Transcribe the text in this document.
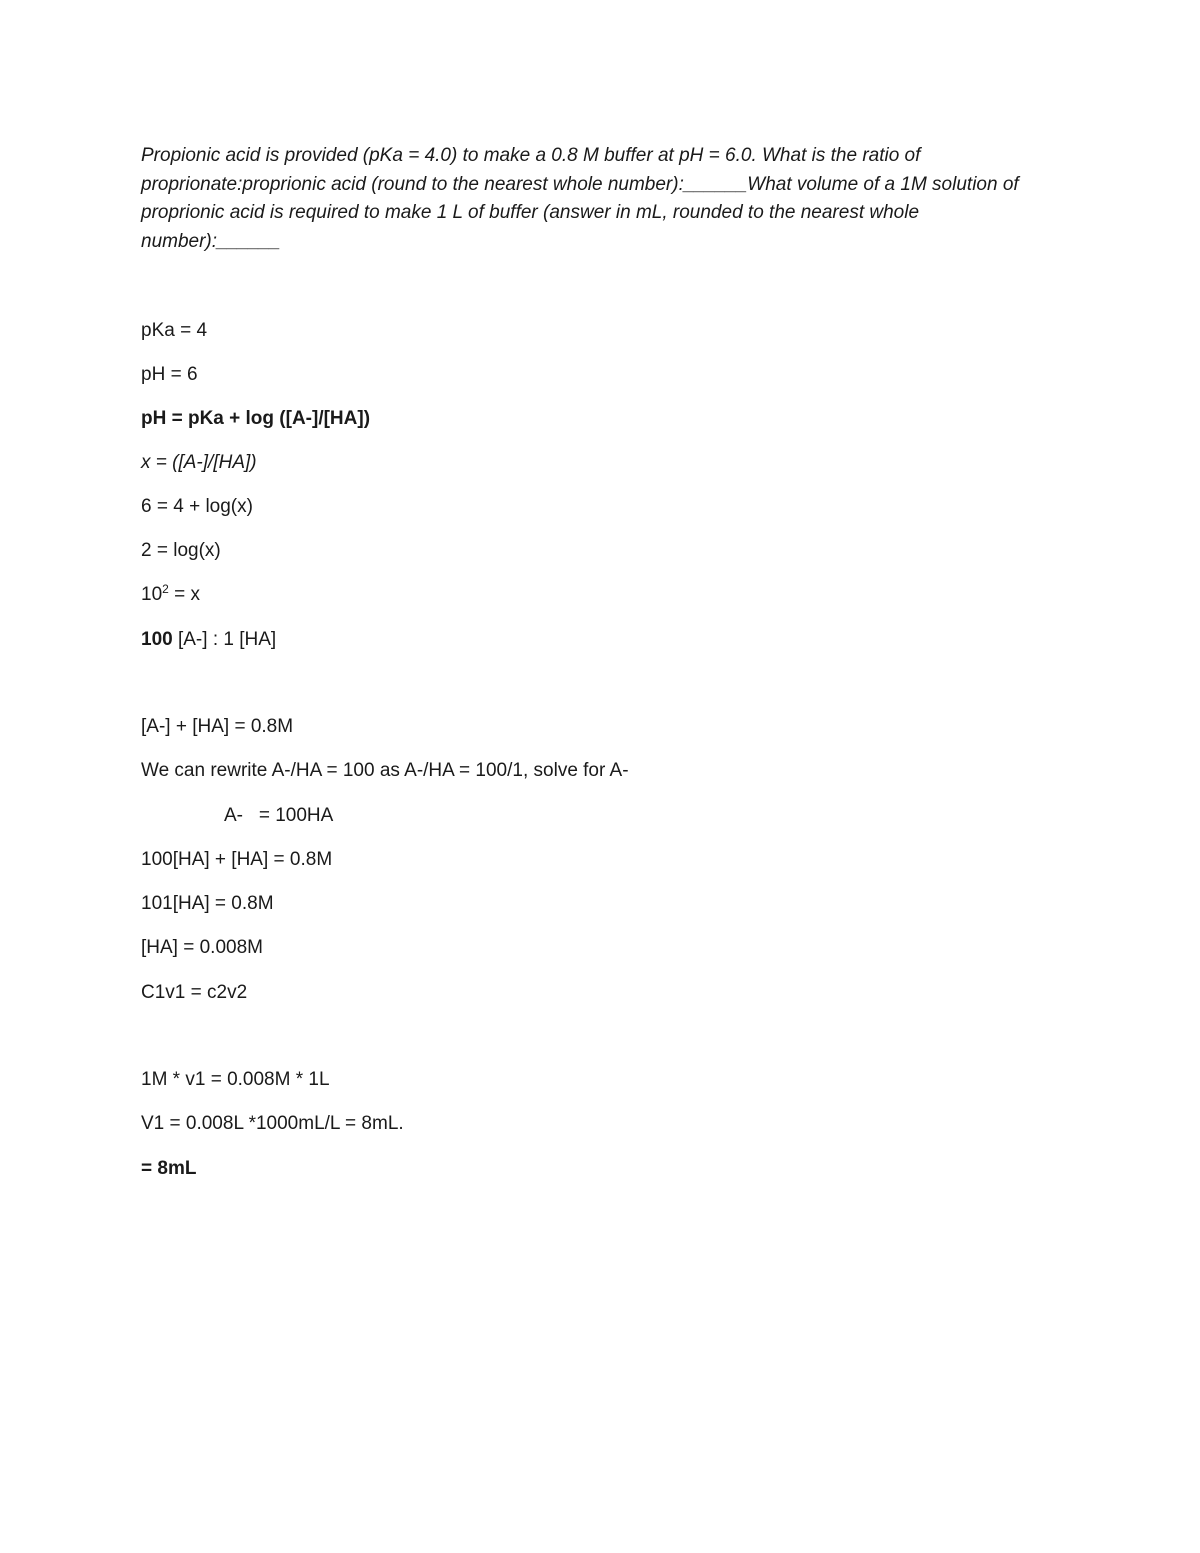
Propionic acid is provided (pKa = 4.0) to make a 0.8 M buffer at pH = 6.0. What is the ratio of proprionate:proprionic acid (round to the nearest whole number):______What volume of a 1M solution of proprionic acid is required to make 1 L of buffer (answer in mL, rounded to the nearest whole number):______

pKa = 4

pH = 6

pH = pKa + log ([A-]/[HA])

x = ([A-]/[HA])

6 = 4 + log(x)

2 = log(x)

$10^2 = x$

100 [A-] : 1 [HA]

[A-] + [HA] = 0.8M

We can rewrite A-/HA = 100 as A-/HA = 100/1, solve for A-

A-   = 100HA

100[HA] + [HA] = 0.8M

101[HA] = 0.8M

[HA] = 0.008M

C1v1 = c2v2

1M * v1 = 0.008M * 1L

V1 = 0.008L *1000mL/L = 8mL.

= 8mL
